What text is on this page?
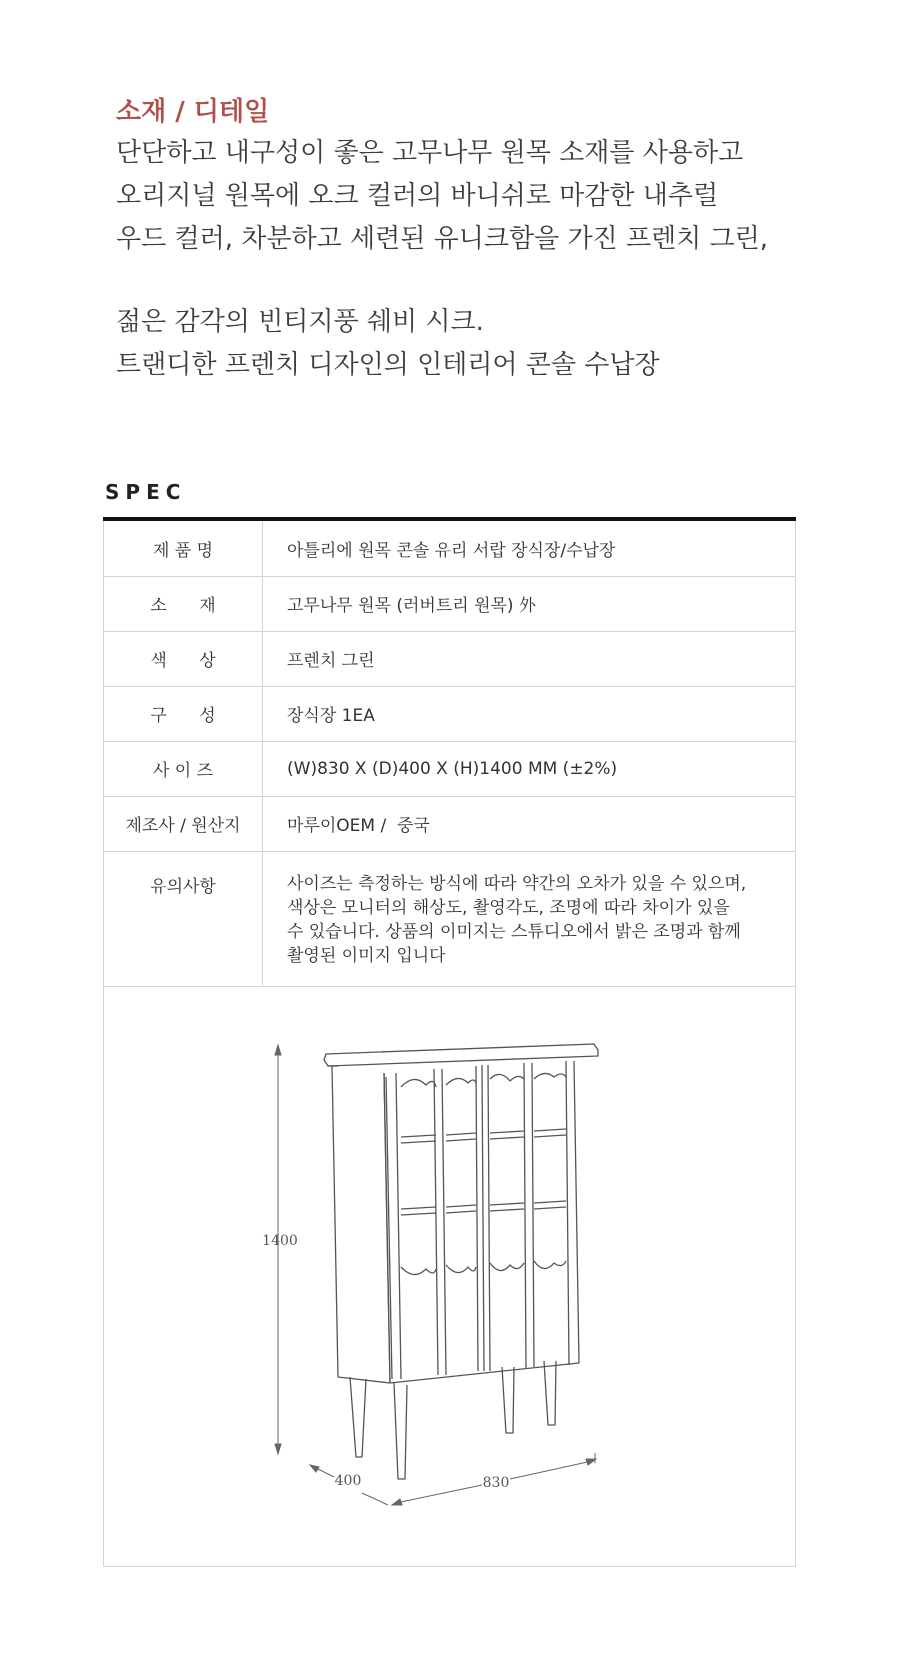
소재 / 디테일
단단하고 내구성이 좋은 고무나무 원목 소재를 사용하고
오리지널 원목에 오크 컬러의 바니쉬로 마감한 내추럴
우드 컬러, 차분하고 세련된 유니크함을 가진 프렌치 그린,
젊은 감각의 빈티지풍 쉐비 시크.
트랜디한 프렌치 디자인의 인테리어 콘솔 수납장
SPEC
제 품 명	아틀리에 원목 콘솔 유리 서랍 장식장/수납장
소      재	고무나무 원목 (러버트리 원목) 外
색      상	프렌치 그린
구      성	장식장 1EA
사 이 즈	(W)830 X (D)400 X (H)1400 MM (±2%)
제조사 / 원산지	마루이OEM /  중국
유의사항	사이즈는 측정하는 방식에 따라 약간의 오차가 있을 수 있으며,
색상은 모니터의 해상도, 촬영각도, 조명에 따라 차이가 있을
수 있습니다. 상품의 이미지는 스튜디오에서 밝은 조명과 함께
촬영된 이미지 입니다

1400
400 830	
